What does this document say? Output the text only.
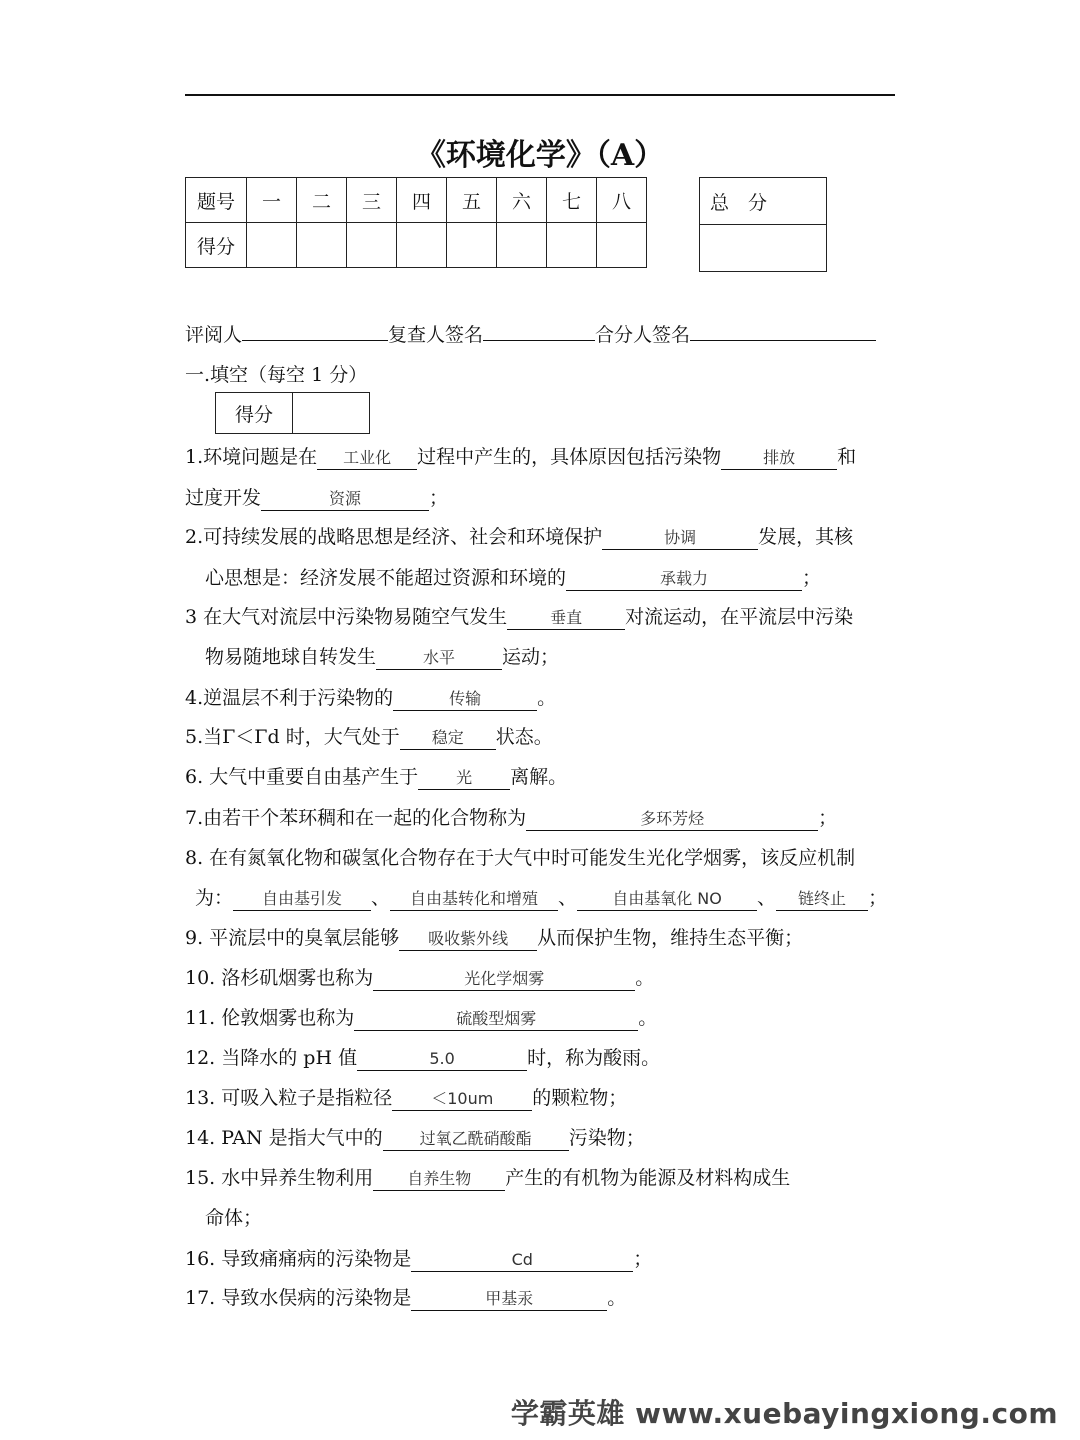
《环境化学》（A）
题号	一	二	三	四	五	六	七	八
得分								
总　分

评阅人	复查人签名	合分人签名
一.填空（每空 1 分）
得分	
1.环境问题是在 工业化 过程中产生的，具体原因包括污染物	排放 和
过度开发	资源	；
2.可持续发展的战略思想是经济、社会和环境保护	协调	发展，其核
心思想是：经济发展不能超过资源和环境的	承载力	；
3 在大气对流层中污染物易随空气发生	垂直 对流运动，在平流层中污染
物易随地球自转发生	水平 运动；
4.逆温层不利于污染物的	传输	。
5.当Γ＜Γd 时，大气处于 稳定 状态。
6. 大气中重要自由基产生于 光 离解。
7.由若干个苯环稠和在一起的化合物称为	多环芳烃	；
8. 在有氮氧化物和碳氢化合物存在于大气中时可能发生光化学烟雾，该反应机制
为： 自由基引发 、 自由基转化和增殖 、 自由基氧化 NO 、 链终止 ；
9. 平流层中的臭氧层能够 吸收紫外线 从而保护生物，维持生态平衡；
10. 洛杉矶烟雾也称为	光化学烟雾	。
11. 伦敦烟雾也称为	硫酸型烟雾	。
12. 当降水的 pH 值	5.0	时，称为酸雨。
13. 可吸入粒子是指粒径 ＜10um 的颗粒物；
14. PAN 是指大气中的 过氧乙酰硝酸酯 污染物；
15. 水中异养生物利用 自养生物 产生的有机物为能源及材料构成生
命体；
16. 导致痛痛病的污染物是	Cd	；
17. 导致水俣病的污染物是	甲基汞	。
学霸英雄 www.xuebayingxiong.com
